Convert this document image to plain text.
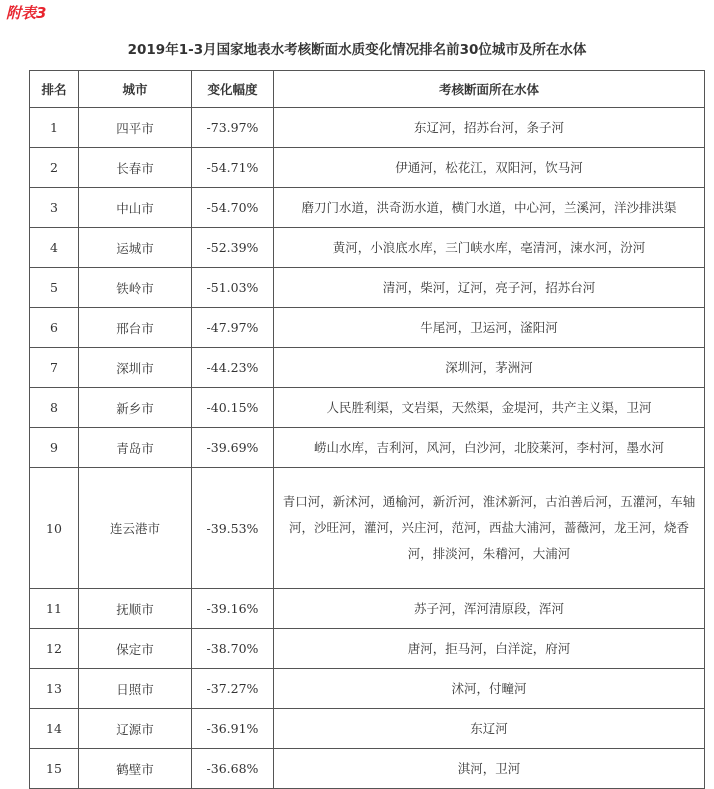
附表3
2019年1-3月国家地表水考核断面水质变化情况排名前30位城市及所在水体
排名	城市	变化幅度	考核断面所在水体
1	四平市	-73.97%	东辽河，招苏台河，条子河
2	长春市	-54.71%	伊通河，松花江，双阳河，饮马河
3	中山市	-54.70%	磨刀门水道，洪奇沥水道，横门水道，中心河，兰溪河，洋沙排洪渠
4	运城市	-52.39%	黄河，小浪底水库，三门峡水库，亳清河，涑水河，汾河
5	铁岭市	-51.03%	清河，柴河，辽河，亮子河，招苏台河
6	邢台市	-47.97%	牛尾河，卫运河，滏阳河
7	深圳市	-44.23%	深圳河，茅洲河
8	新乡市	-40.15%	人民胜利渠，文岩渠，天然渠，金堤河，共产主义渠，卫河
9	青岛市	-39.69%	崂山水库，吉利河，风河，白沙河，北胶莱河，李村河，墨水河
10	连云港市	-39.53%	青口河，新沭河，通榆河，新沂河，淮沭新河，古泊善后河，五灌河，车轴河，沙旺河，灌河，兴庄河，范河，西盐大浦河，蔷薇河，龙王河，烧香河，排淡河，朱稽河，大浦河
11	抚顺市	-39.16%	苏子河，浑河清原段，浑河
12	保定市	-38.70%	唐河，拒马河，白洋淀，府河
13	日照市	-37.27%	沭河，付疃河
14	辽源市	-36.91%	东辽河
15	鹤壁市	-36.68%	淇河，卫河
